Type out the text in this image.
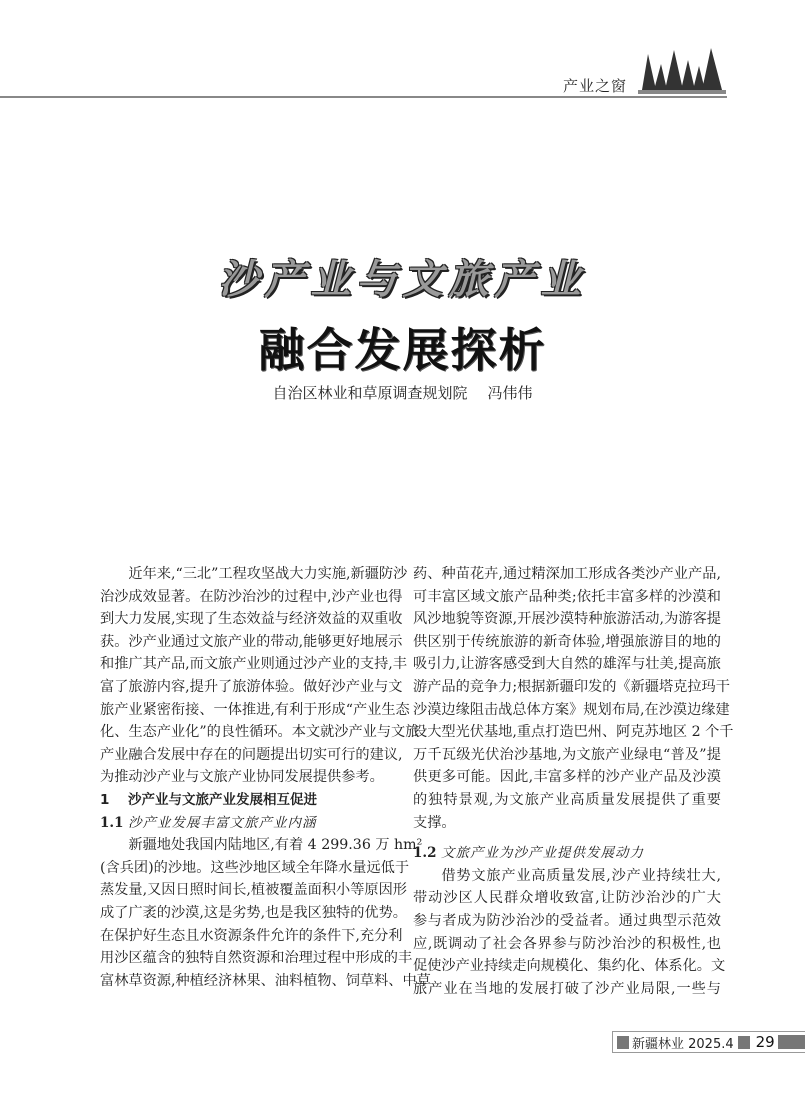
产业之窗
沙产业与文旅产业
融合发展探析
自治区林业和草原调查规划院 冯伟伟
近年来,“三北”工程攻坚战大力实施,新疆防沙
治沙成效显著。在防沙治沙的过程中,沙产业也得
到大力发展,实现了生态效益与经济效益的双重收
获。沙产业通过文旅产业的带动,能够更好地展示
和推广其产品,而文旅产业则通过沙产业的支持,丰
富了旅游内容,提升了旅游体验。做好沙产业与文
旅产业紧密衔接、一体推进,有利于形成“产业生态
化、生态产业化”的良性循环。本文就沙产业与文旅
产业融合发展中存在的问题提出切实可行的建议,
为推动沙产业与文旅产业协同发展提供参考。
1 沙产业与文旅产业发展相互促进
1.1 沙产业发展丰富文旅产业内涵
新疆地处我国内陆地区,有着 4 299.36 万 hm²
(含兵团)的沙地。这些沙地区域全年降水量远低于
蒸发量,又因日照时间长,植被覆盖面积小等原因形
成了广袤的沙漠,这是劣势,也是我区独特的优势。
在保护好生态且水资源条件允许的条件下,充分利
用沙区蕴含的独特自然资源和治理过程中形成的丰
富林草资源,种植经济林果、油料植物、饲草料、中草
药、种苗花卉,通过精深加工形成各类沙产业产品,
可丰富区域文旅产品种类;依托丰富多样的沙漠和
风沙地貌等资源,开展沙漠特种旅游活动,为游客提
供区别于传统旅游的新奇体验,增强旅游目的地的
吸引力,让游客感受到大自然的雄浑与壮美,提高旅
游产品的竞争力;根据新疆印发的《新疆塔克拉玛干
沙漠边缘阻击战总体方案》规划布局,在沙漠边缘建
设大型光伏基地,重点打造巴州、阿克苏地区 2 个千
万千瓦级光伏治沙基地,为文旅产业绿电“普及”提
供更多可能。因此,丰富多样的沙产业产品及沙漠
的独特景观,为文旅产业高质量发展提供了重要
支撑。
1.2 文旅产业为沙产业提供发展动力
借势文旅产业高质量发展,沙产业持续壮大,
带动沙区人民群众增收致富,让防沙治沙的广大
参与者成为防沙治沙的受益者。通过典型示范效
应,既调动了社会各界参与防沙治沙的积极性,也
促使沙产业持续走向规模化、集约化、体系化。文
旅产业在当地的发展打破了沙产业局限,一些与
新疆林业 2025.4 29
